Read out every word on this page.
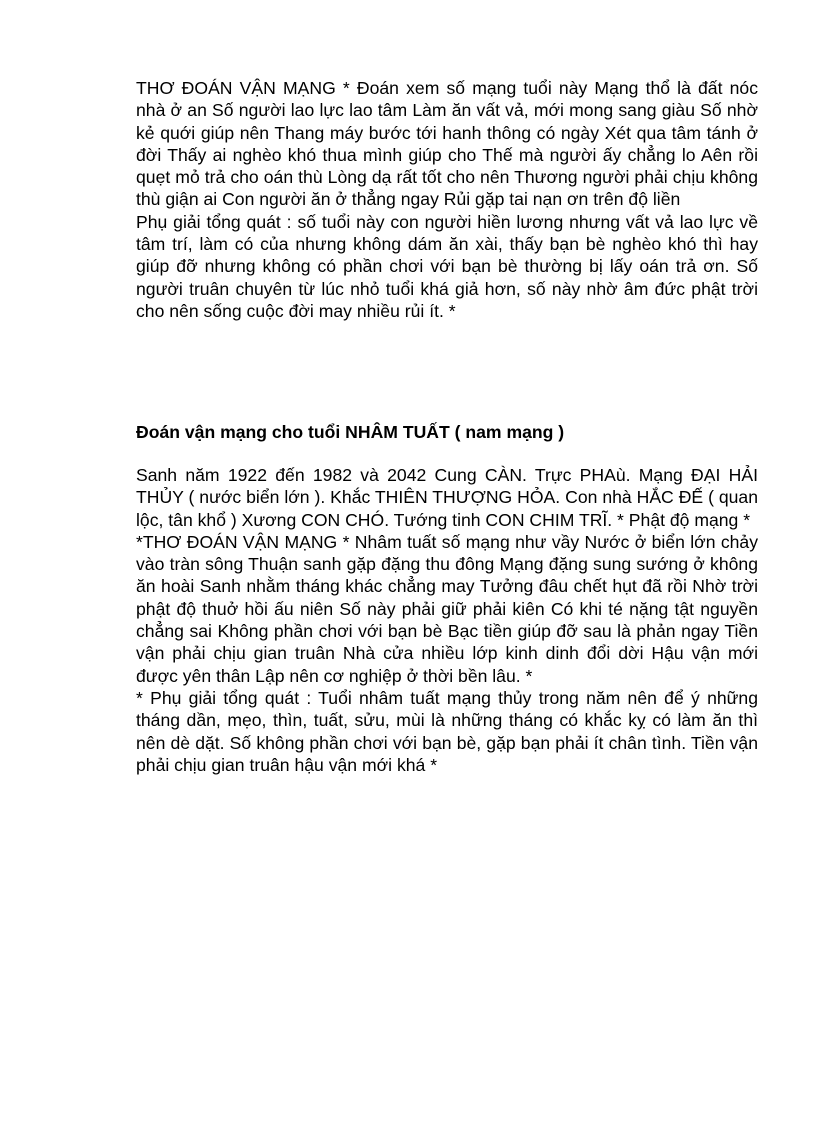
THƠ ĐOÁN VẬN MẠNG * Đoán xem số mạng tuổi này Mạng thổ là đất nóc nhà ở an Số người lao lực lao tâm Làm ăn vất vả, mới mong sang giàu Số nhờ kẻ quới giúp nên Thang máy bước tới hanh thông có ngày Xét qua tâm tánh ở đời Thấy ai nghèo khó thua mình giúp cho Thế mà người ấy chẳng lo Aên rồi quẹt mỏ trả cho oán thù Lòng dạ rất tốt cho nên Thương người phải chịu không thù giận ai Con người ăn ở thẳng ngay Rủi gặp tai nạn ơn trên độ liền

Phụ giải tổng quát : số tuổi này con người hiền lương nhưng vất vả lao lực về tâm trí, làm có của nhưng không dám ăn xài, thấy bạn bè nghèo khó thì hay giúp đỡ nhưng không có phần chơi với bạn bè thường bị lấy oán trả ơn. Số người truân chuyên từ lúc nhỏ tuổi khá giả hơn, số này nhờ âm đức phật trời cho nên sống cuộc đời may nhiều rủi ít. *

Đoán vận mạng cho tuổi NHÂM TUẤT ( nam mạng )

Sanh năm 1922 đến 1982 và 2042 Cung CÀN. Trực PHAù. Mạng ĐẠI HẢI THỦY ( nước biển lớn ). Khắc THIÊN THƯỢNG HỎA. Con nhà HẮC ĐẾ ( quan lộc, tân khổ ) Xương CON CHÓ. Tướng tinh CON CHIM TRĨ. * Phật độ mạng *

*THƠ ĐOÁN VẬN MẠNG * Nhâm tuất số mạng như vầy Nước ở biển lớn chảy vào tràn sông Thuận sanh gặp đặng thu đông Mạng đặng sung sướng ở không ăn hoài Sanh nhằm tháng khác chẳng may Tưởng đâu chết hụt đã rồi Nhờ trời phật độ thuở hồi ấu niên Số này phải giữ phải kiên Có khi té nặng tật nguyền chẳng sai Không phần chơi với bạn bè Bạc tiền giúp đỡ sau là phản ngay Tiền vận phải chịu gian truân Nhà cửa nhiều lớp kinh dinh đổi dời Hậu vận mới được yên thân Lập nên cơ nghiệp ở thời bền lâu. *

* Phụ giải tổng quát : Tuổi nhâm tuất mạng thủy trong năm nên để ý những tháng dần, mẹo, thìn, tuất, sửu, mùi là những tháng có khắc kỵ có làm ăn thì nên dè dặt. Số không phần chơi với bạn bè, gặp bạn phải ít chân tình. Tiền vận phải chịu gian truân hậu vận mới khá *
